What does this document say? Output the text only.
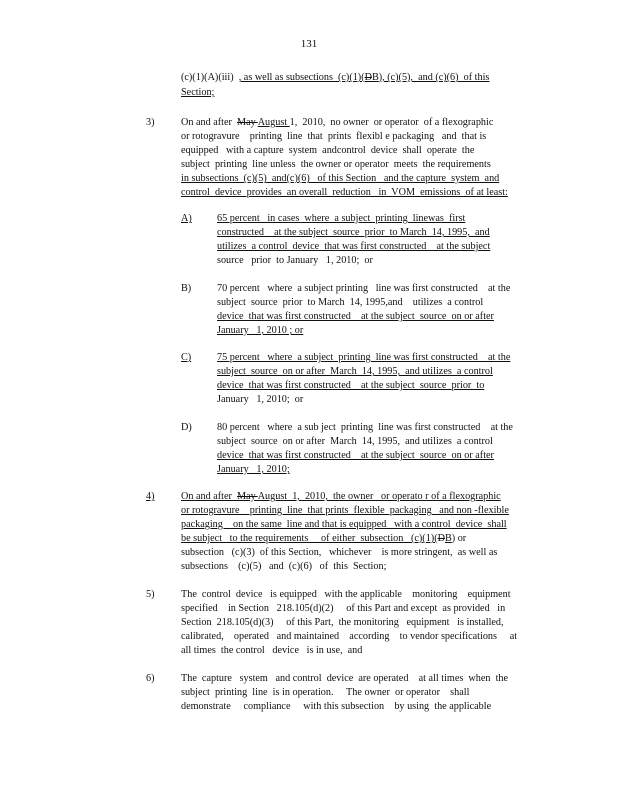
131
(c)(1)(A)(iii) , as well as subsections  (c)(1)(DB), (c)(5),  and (c)(6)  of this
Section;
3)	On and after  May August 1,  2010,  no owner  or operator  of a flexographic
or rotogravure    printing  line  that  prints  flexibl e packaging   and  that is
equipped   with a capture  system  andcontrol  device  shall  operate  the
subject  printing  line unless  the owner or operator  meets  the requirements
in subsections  (c)(5)  and(c)(6)   of this Section   and the capture  system  and
control  device  provides  an overall  reduction   in  VOM  emissions  of at least:
A)	65 percent   in cases  where  a subject  printing  linewas  first
constructed    at the subject  source  prior  to March  14, 1995,  and
utilizes  a control  device  that was first constructed    at the subject
source   prior  to January   1, 2010;  or
B)	70 percent   where  a subject printing   line was first constructed    at the
subject  source  prior  to March  14, 1995,and    utilizes  a control
device  that was first constructed    at the subject  source  on or after
January   1, 2010 ; or
C)	75 percent   where  a subject  printing  line was first constructed    at the
subject  source  on or after  March  14, 1995,  and utilizes  a control
device  that was first constructed    at the subject  source  prior  to
January   1, 2010;  or
D)	80 percent   where  a sub ject  printing  line was first constructed    at the
subject  source  on or after  March  14, 1995,  and utilizes  a control
device  that was first constructed    at the subject  source  on or after
January   1, 2010;
4)	On and after  May August  1,  2010,  the owner   or operato r of a flexographic
or rotogravure    printing  line  that prints  flexible  packaging   and non -flexible
packaging    on the same  line and that is equipped   with a control  device  shall
be subject   to the requirements     of either  subsection   (c)(1)(DB) or
subsection   (c)(3)  of this Section,   whichever    is more stringent,  as well as
subsections    (c)(5)   and  (c)(6)   of  this  Section;
5)	The  control  device   is equipped   with the applicable    monitoring    equipment
specified    in Section   218.105(d)(2)     of this Part and except  as provided   in
Section  218.105(d)(3)     of this Part,  the monitoring   equipment   is installed,
calibrated,    operated   and maintained    according    to vendor specifications     at
all times  the control   device   is in use,  and
6)	The  capture   system   and control  device  are operated    at all times  when  the
subject  printing  line  is in operation.     The owner  or operator    shall
demonstrate     compliance     with this subsection    by using  the applicable
